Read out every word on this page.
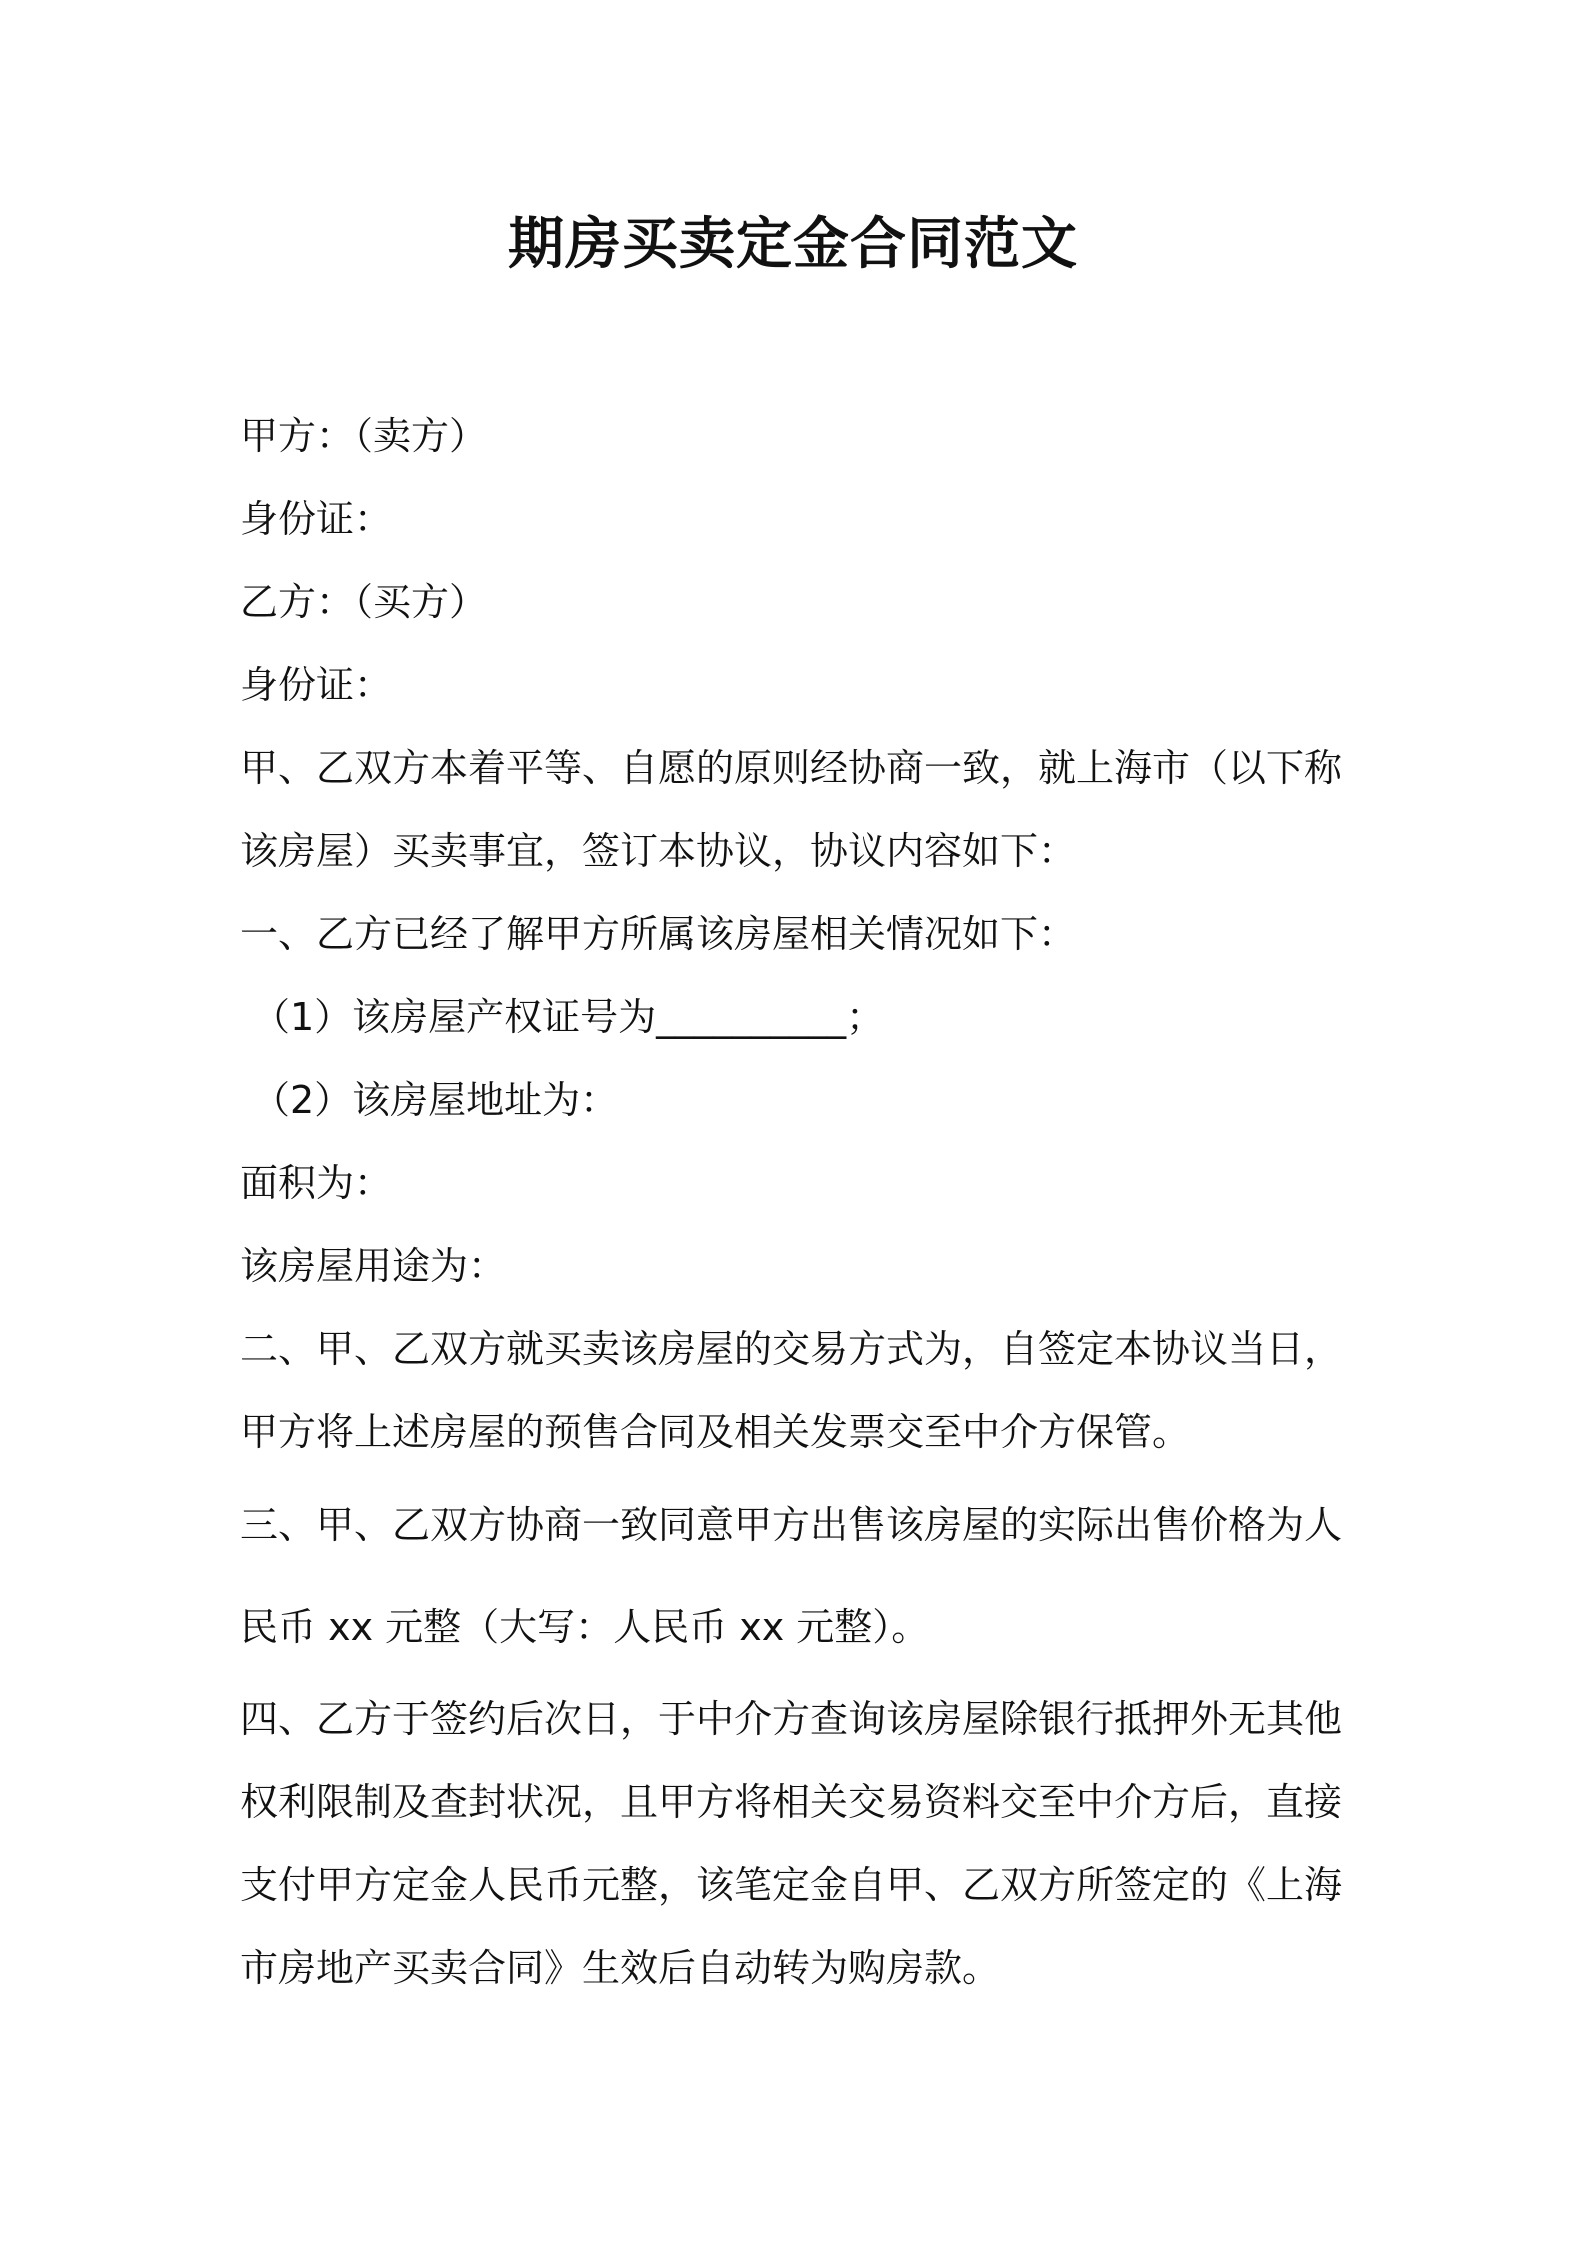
期房买卖定金合同范文

甲方：（卖方）

身份证：

乙方：（买方）

身份证：

甲、乙双方本着平等、自愿的原则经协商一致，就上海市（以下称该房屋）买卖事宜，签订本协议，协议内容如下：

一、乙方已经了解甲方所属该房屋相关情况如下：

（1）该房屋产权证号为__________；

（2）该房屋地址为：

面积为：

该房屋用途为：

二、甲、乙双方就买卖该房屋的交易方式为，自签定本协议当日，甲方将上述房屋的预售合同及相关发票交至中介方保管。

三、甲、乙双方协商一致同意甲方出售该房屋的实际出售价格为人民币 xx 元整（大写：人民币 xx 元整）。

四、乙方于签约后次日，于中介方查询该房屋除银行抵押外无其他权利限制及查封状况，且甲方将相关交易资料交至中介方后，直接支付甲方定金人民币元整，该笔定金自甲、乙双方所签定的《上海市房地产买卖合同》生效后自动转为购房款。
